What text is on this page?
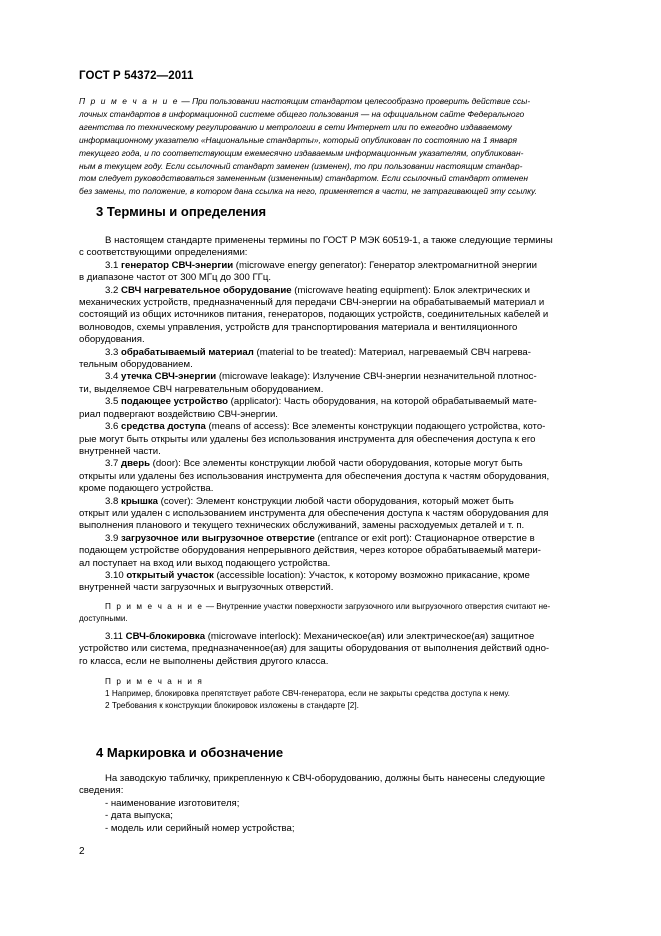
ГОСТ Р 54372—2011
П р и м е ч а н и е — При пользовании настоящим стандартом целесообразно проверить действие ссы-
лочных стандартов в информационной системе общего пользования — на официальном сайте Федерального
агентства по техническому регулированию и метрологии в сети Интернет или по ежегодно издаваемому
информационному указателю «Национальные стандарты», который опубликован по состоянию на 1 января
текущего года, и по соответствующим ежемесячно издаваемым информационным указателям, опубликован-
ным в текущем году. Если ссылочный стандарт заменен (изменен), то при пользовании настоящим стандар-
том следует руководствоваться замененным (измененным) стандартом. Если ссылочный стандарт отменен
без замены, то положение, в котором дана ссылка на него, применяется в части, не затрагивающей эту ссылку.
3 Термины и определения

В настоящем стандарте применены термины по ГОСТ Р МЭК 60519-1, а также следующие термины
с соответствующими определениями:

3.1 генератор СВЧ-энергии (microwave energy generator): Генератор электромагнитной энергии
в диапазоне частот от 300 МГц до 300 ГГц.

3.2 СВЧ нагревательное оборудование (microwave heating equipment): Блок электрических и
механических устройств, предназначенный для передачи СВЧ-энергии на обрабатываемый материал и
состоящий из общих источников питания, генераторов, подающих устройств, соединительных кабелей и
волноводов, схемы управления, устройств для транспортирования материала и вентиляционного
оборудования.

3.3 обрабатываемый материал (material to be treated): Материал, нагреваемый СВЧ нагрева-
тельным оборудованием.

3.4 утечка СВЧ-энергии (microwave leakage): Излучение СВЧ-энергии незначительной плотнос-
ти, выделяемое СВЧ нагревательным оборудованием.

3.5 подающее устройство (applicator): Часть оборудования, на которой обрабатываемый мате-
риал подвергают воздействию СВЧ-энергии.

3.6 средства доступа (means of access): Все элементы конструкции подающего устройства, кото-
рые могут быть открыты или удалены без использования инструмента для обеспечения доступа к его
внутренней части.

3.7 дверь (door): Все элементы конструкции любой части оборудования, которые могут быть
открыты или удалены без использования инструмента для обеспечения доступа к частям оборудования,
кроме подающего устройства.

3.8 крышка (cover): Элемент конструкции любой части оборудования, который может быть
открыт или удален с использованием инструмента для обеспечения доступа к частям оборудования для
выполнения планового и текущего технических обслуживаний, замены расходуемых деталей и т. п.

3.9 загрузочное или выгрузочное отверстие (entrance or exit port): Стационарное отверстие в
подающем устройстве оборудования непрерывного действия, через которое обрабатываемый матери-
ал поступает на вход или выход подающего устройства.

3.10 открытый участок (accessible location): Участок, к которому возможно прикасание, кроме
внутренней части загрузочных и выгрузочных отверстий.

П р и м е ч а н и е — Внутренние участки поверхности загрузочного или выгрузочного отверстия считают не-
доступными.

3.11 СВЧ-блокировка (microwave interlock): Механическое(ая) или электрическое(ая) защитное
устройство или система, предназначенное(ая) для защиты оборудования от выполнения действий одно-
го класса, если не выполнены действия другого класса.

П р и м е ч а н и я
1 Например, блокировка препятствует работе СВЧ-генератора, если не закрыты средства доступа к нему.
2 Требования к конструкции блокировок изложены в стандарте [2].

4 Маркировка и обозначение

На заводскую табличку, прикрепленную к СВЧ-оборудованию, должны быть нанесены следующие
сведения:

- наименование изготовителя;
- дата выпуска;
- модель или серийный номер устройства;

2
